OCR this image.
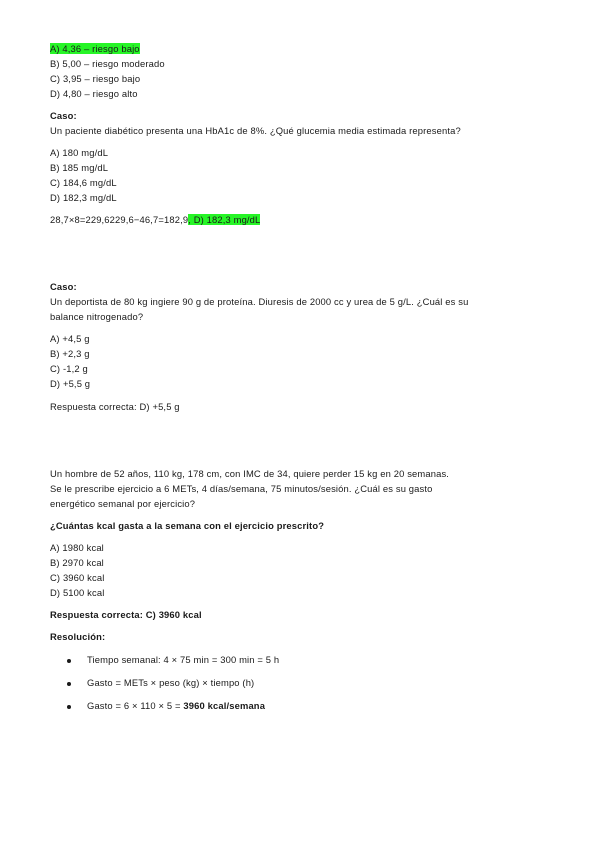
A) 4,36 – riesgo bajo
B) 5,00 – riesgo moderado
C) 3,95 – riesgo bajo
D) 4,80 – riesgo alto
Caso:
Un paciente diabético presenta una HbA1c de 8%. ¿Qué glucemia media estimada representa?
A) 180 mg/dL
B) 185 mg/dL
C) 184,6 mg/dL
D) 182,3 mg/dL
28,7×8=229,6229,6−46,7=182,9, D) 182,3 mg/dL
Caso:
Un deportista de 80 kg ingiere 90 g de proteína. Diuresis de 2000 cc y urea de 5 g/L. ¿Cuál es su
balance nitrogenado?
A) +4,5 g
B) +2,3 g
C) -1,2 g
D) +5,5 g
Respuesta correcta: D) +5,5 g
Un hombre de 52 años, 110 kg, 178 cm, con IMC de 34, quiere perder 15 kg en 20 semanas.
Se le prescribe ejercicio a 6 METs, 4 días/semana, 75 minutos/sesión. ¿Cuál es su gasto
energético semanal por ejercicio?
¿Cuántas kcal gasta a la semana con el ejercicio prescrito?
A) 1980 kcal
B) 2970 kcal
C) 3960 kcal
D) 5100 kcal
Respuesta correcta: C) 3960 kcal
Resolución:
Tiempo semanal: 4 × 75 min = 300 min = 5 h
Gasto = METs × peso (kg) × tiempo (h)
Gasto = 6 × 110 × 5 = 3960 kcal/semana
